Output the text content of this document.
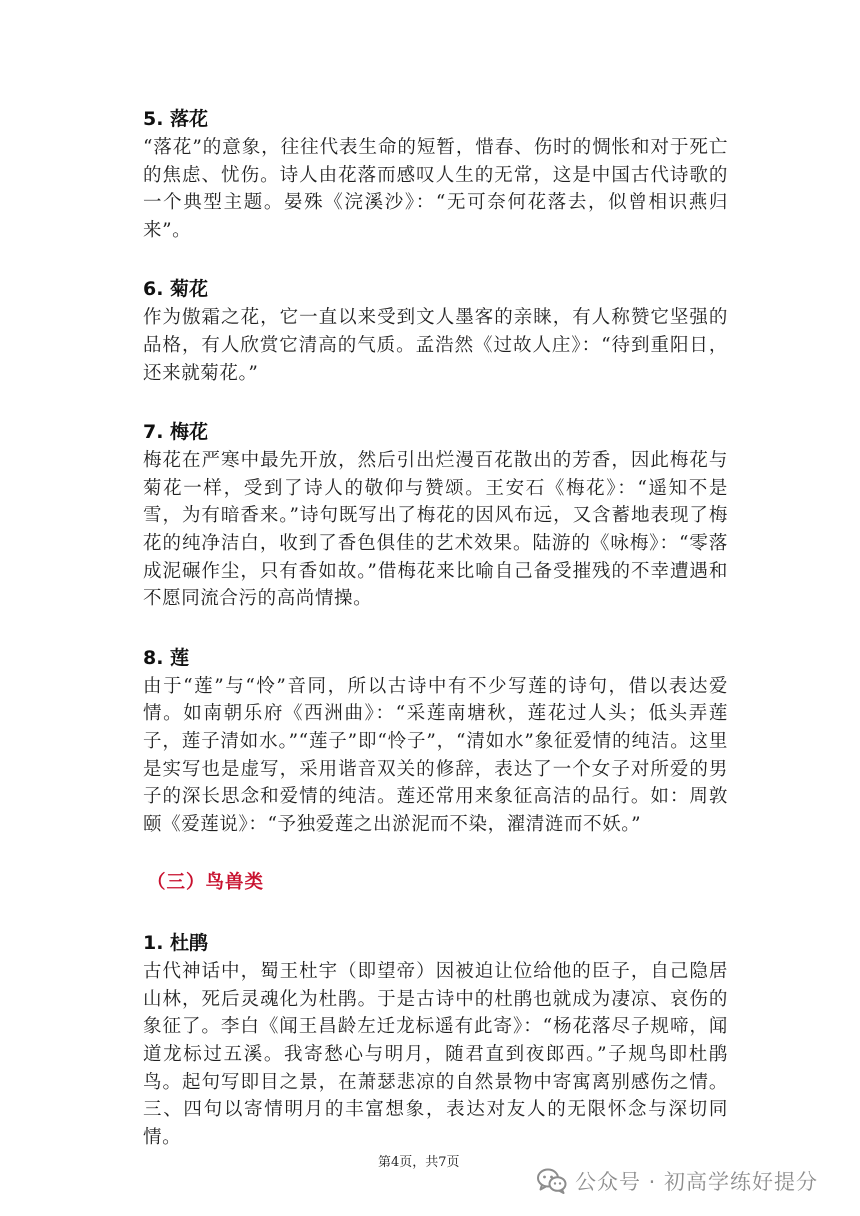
5. 落花

“落花”的意象，往往代表生命的短暂，惜春、伤时的惆怅和对于死亡的焦虑、忧伤。诗人由花落而感叹人生的无常，这是中国古代诗歌的一个典型主题。晏殊《浣溪沙》：“无可奈何花落去，似曾相识燕归来”。

6. 菊花

作为傲霜之花，它一直以来受到文人墨客的亲睐，有人称赞它坚强的品格，有人欣赏它清高的气质。孟浩然《过故人庄》：“待到重阳日，还来就菊花。”

7. 梅花

梅花在严寒中最先开放，然后引出烂漫百花散出的芳香，因此梅花与菊花一样，受到了诗人的敬仰与赞颂。王安石《梅花》：“遥知不是雪，为有暗香来。”诗句既写出了梅花的因风布远，又含蓄地表现了梅花的纯净洁白，收到了香色俱佳的艺术效果。陆游的《咏梅》：“零落成泥碾作尘，只有香如故。”借梅花来比喻自己备受摧残的不幸遭遇和不愿同流合污的高尚情操。

8. 莲

由于“莲”与“怜”音同，所以古诗中有不少写莲的诗句，借以表达爱情。如南朝乐府《西洲曲》：“采莲南塘秋，莲花过人头；低头弄莲子，莲子清如水。”“莲子”即“怜子”，“清如水”象征爱情的纯洁。这里是实写也是虚写，采用谐音双关的修辞，表达了一个女子对所爱的男子的深长思念和爱情的纯洁。莲还常用来象征高洁的品行。如：周敦颐《爱莲说》：“予独爱莲之出淤泥而不染，濯清涟而不妖。”

（三）鸟兽类
1. 杜鹃

古代神话中，蜀王杜宇（即望帝）因被迫让位给他的臣子，自己隐居山林，死后灵魂化为杜鹃。于是古诗中的杜鹃也就成为凄凉、哀伤的象征了。李白《闻王昌龄左迁龙标遥有此寄》：“杨花落尽子规啼，闻道龙标过五溪。我寄愁心与明月，随君直到夜郎西。”子规鸟即杜鹃鸟。起句写即目之景，在萧瑟悲凉的自然景物中寄寓离别感伤之情。三、四句以寄情明月的丰富想象，表达对友人的无限怀念与深切同情。

第4页，共7页
公众号 · 初高学练好提分
